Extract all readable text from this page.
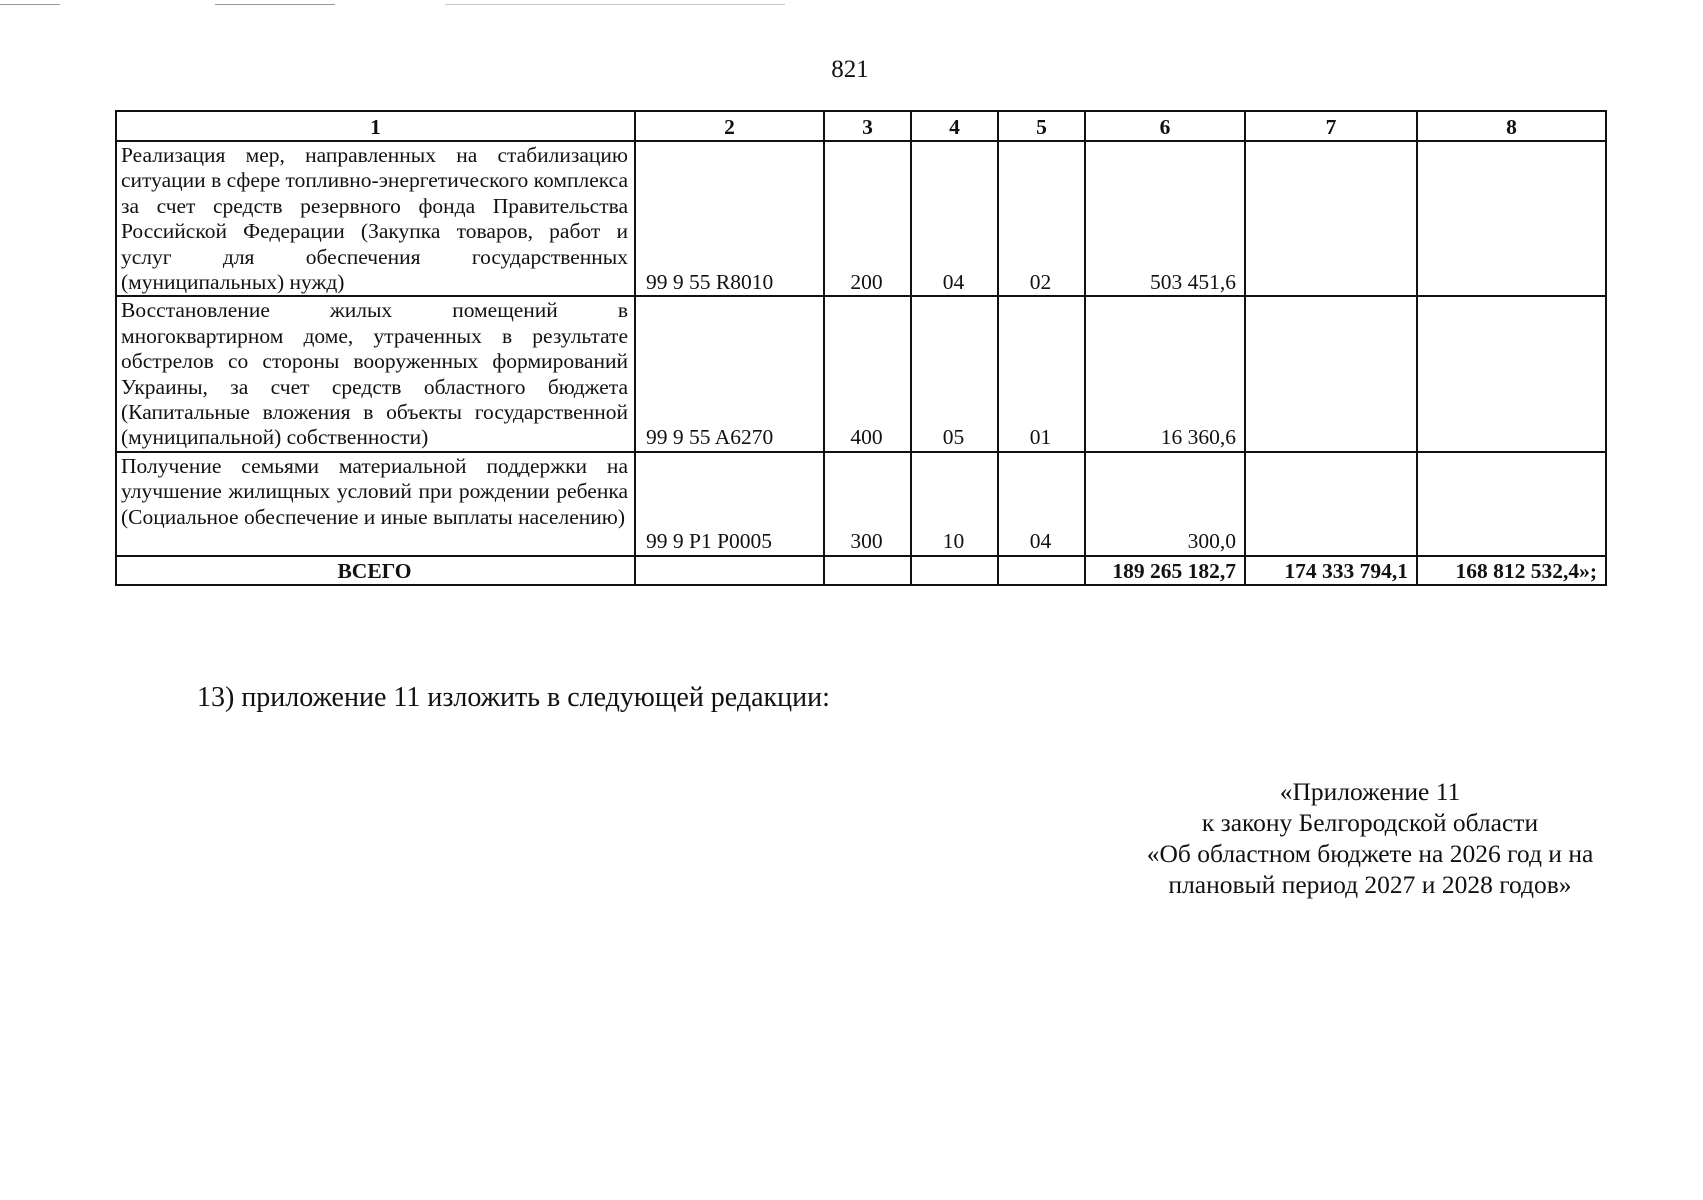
821
1	2	3	4	5	6	7	8
Реализация мер, направленных на стабилизацию ситуации в сфере топливно-энергетического комплекса за счет средств резервного фонда Правительства Российской Федерации (Закупка товаров, работ и услуг для обеспечения государственных (муниципальных) нужд)	99 9 55 R8010	200	04	02	503 451,6		
Восстановление жилых помещений в многоквартирном доме, утраченных в результате обстрелов со стороны вооруженных формирований Украины, за счет средств областного бюджета (Капитальные вложения в объекты государственной (муниципальной) собственности)	99 9 55 A6270	400	05	01	16 360,6		
Получение семьями материальной поддержки на улучшение жилищных условий при рождении ребенка (Социальное обеспечение и иные выплаты населению)	99 9 P1 P0005	300	10	04	300,0		
ВСЕГО					189 265 182,7	174 333 794,1	168 812 532,4»;
13) приложение 11 изложить в следующей редакции:
«Приложение 11
к закону Белгородской области
«Об областном бюджете на 2026 год и на
плановый период 2027 и 2028 годов»
